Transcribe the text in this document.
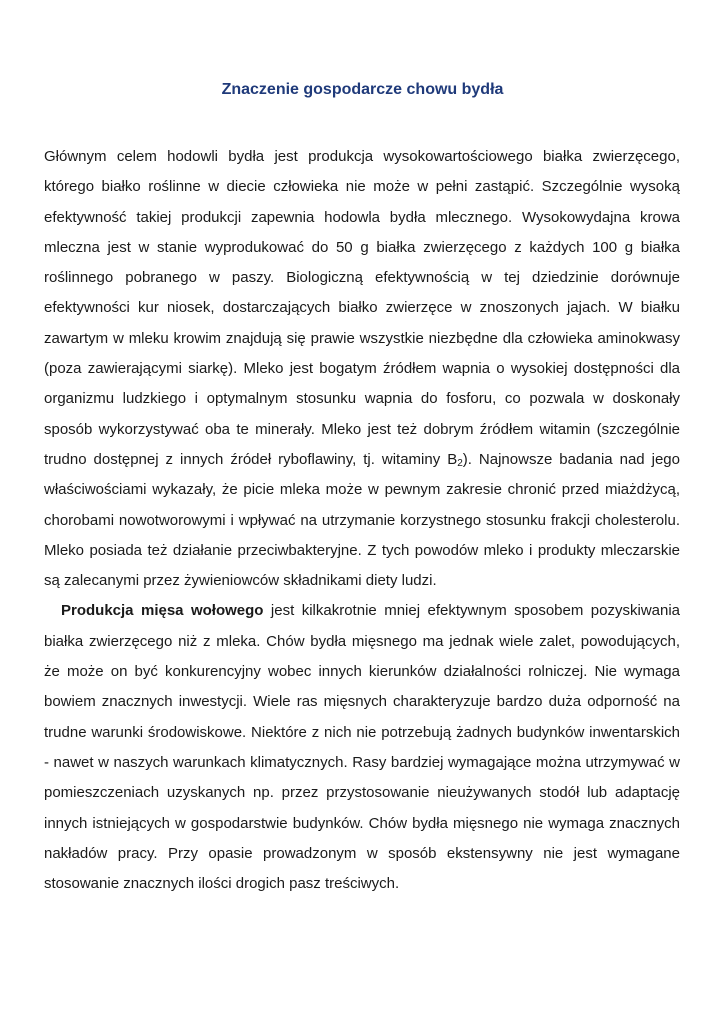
Znaczenie gospodarcze chowu bydła

Głównym celem hodowli bydła jest produkcja wysokowartościowego białka zwierzęcego, którego białko roślinne w diecie człowieka nie może w pełni zastąpić. Szczególnie wysoką efektywność takiej produkcji zapewnia hodowla bydła mlecznego. Wysokowydajna krowa mleczna jest w stanie wyprodukować do 50 g białka zwierzęcego z każdych 100 g białka roślinnego pobranego w paszy. Biologiczną efektywnością w tej dziedzinie dorównuje efektywności kur niosek, dostarczających białko zwierzęce w znoszonych jajach. W białku zawartym w mleku krowim znajdują się prawie wszystkie niezbędne dla człowieka aminokwasy (poza zawierającymi siarkę). Mleko jest bogatym źródłem wapnia o wysokiej dostępności dla organizmu ludzkiego i optymalnym stosunku wapnia do fosforu, co pozwala w doskonały sposób wykorzystywać oba te minerały. Mleko jest też dobrym źródłem witamin (szczególnie trudno dostępnej z innych źródeł ryboflawiny, tj. witaminy $B_2$). Najnowsze badania nad jego właściwościami wykazały, że picie mleka może w pewnym zakresie chronić przed miażdżycą, chorobami nowotworowymi i wpływać na utrzymanie korzystnego stosunku frakcji cholesterolu. Mleko posiada też działanie przeciwbakteryjne. Z tych powodów mleko i produkty mleczarskie są zalecanymi przez żywieniowców składnikami diety ludzi.

Produkcja mięsa wołowego jest kilkakrotnie mniej efektywnym sposobem pozyskiwania białka zwierzęcego niż z mleka. Chów bydła mięsnego ma jednak wiele zalet, powodujących, że może on być konkurencyjny wobec innych kierunków działalności rolniczej. Nie wymaga bowiem znacznych inwestycji. Wiele ras mięsnych charakteryzuje bardzo duża odporność na trudne warunki środowiskowe. Niektóre z nich nie potrzebują żadnych budynków inwentarskich - nawet w naszych warunkach klimatycznych. Rasy bardziej wymagające można utrzymywać w pomieszczeniach uzyskanych np. przez przystosowanie nieużywanych stodół lub adaptację innych istniejących w gospodarstwie budynków. Chów bydła mięsnego nie wymaga znacznych nakładów pracy. Przy opasie prowadzonym w sposób ekstensywny nie jest wymagane stosowanie znacznych ilości drogich pasz treściwych.
